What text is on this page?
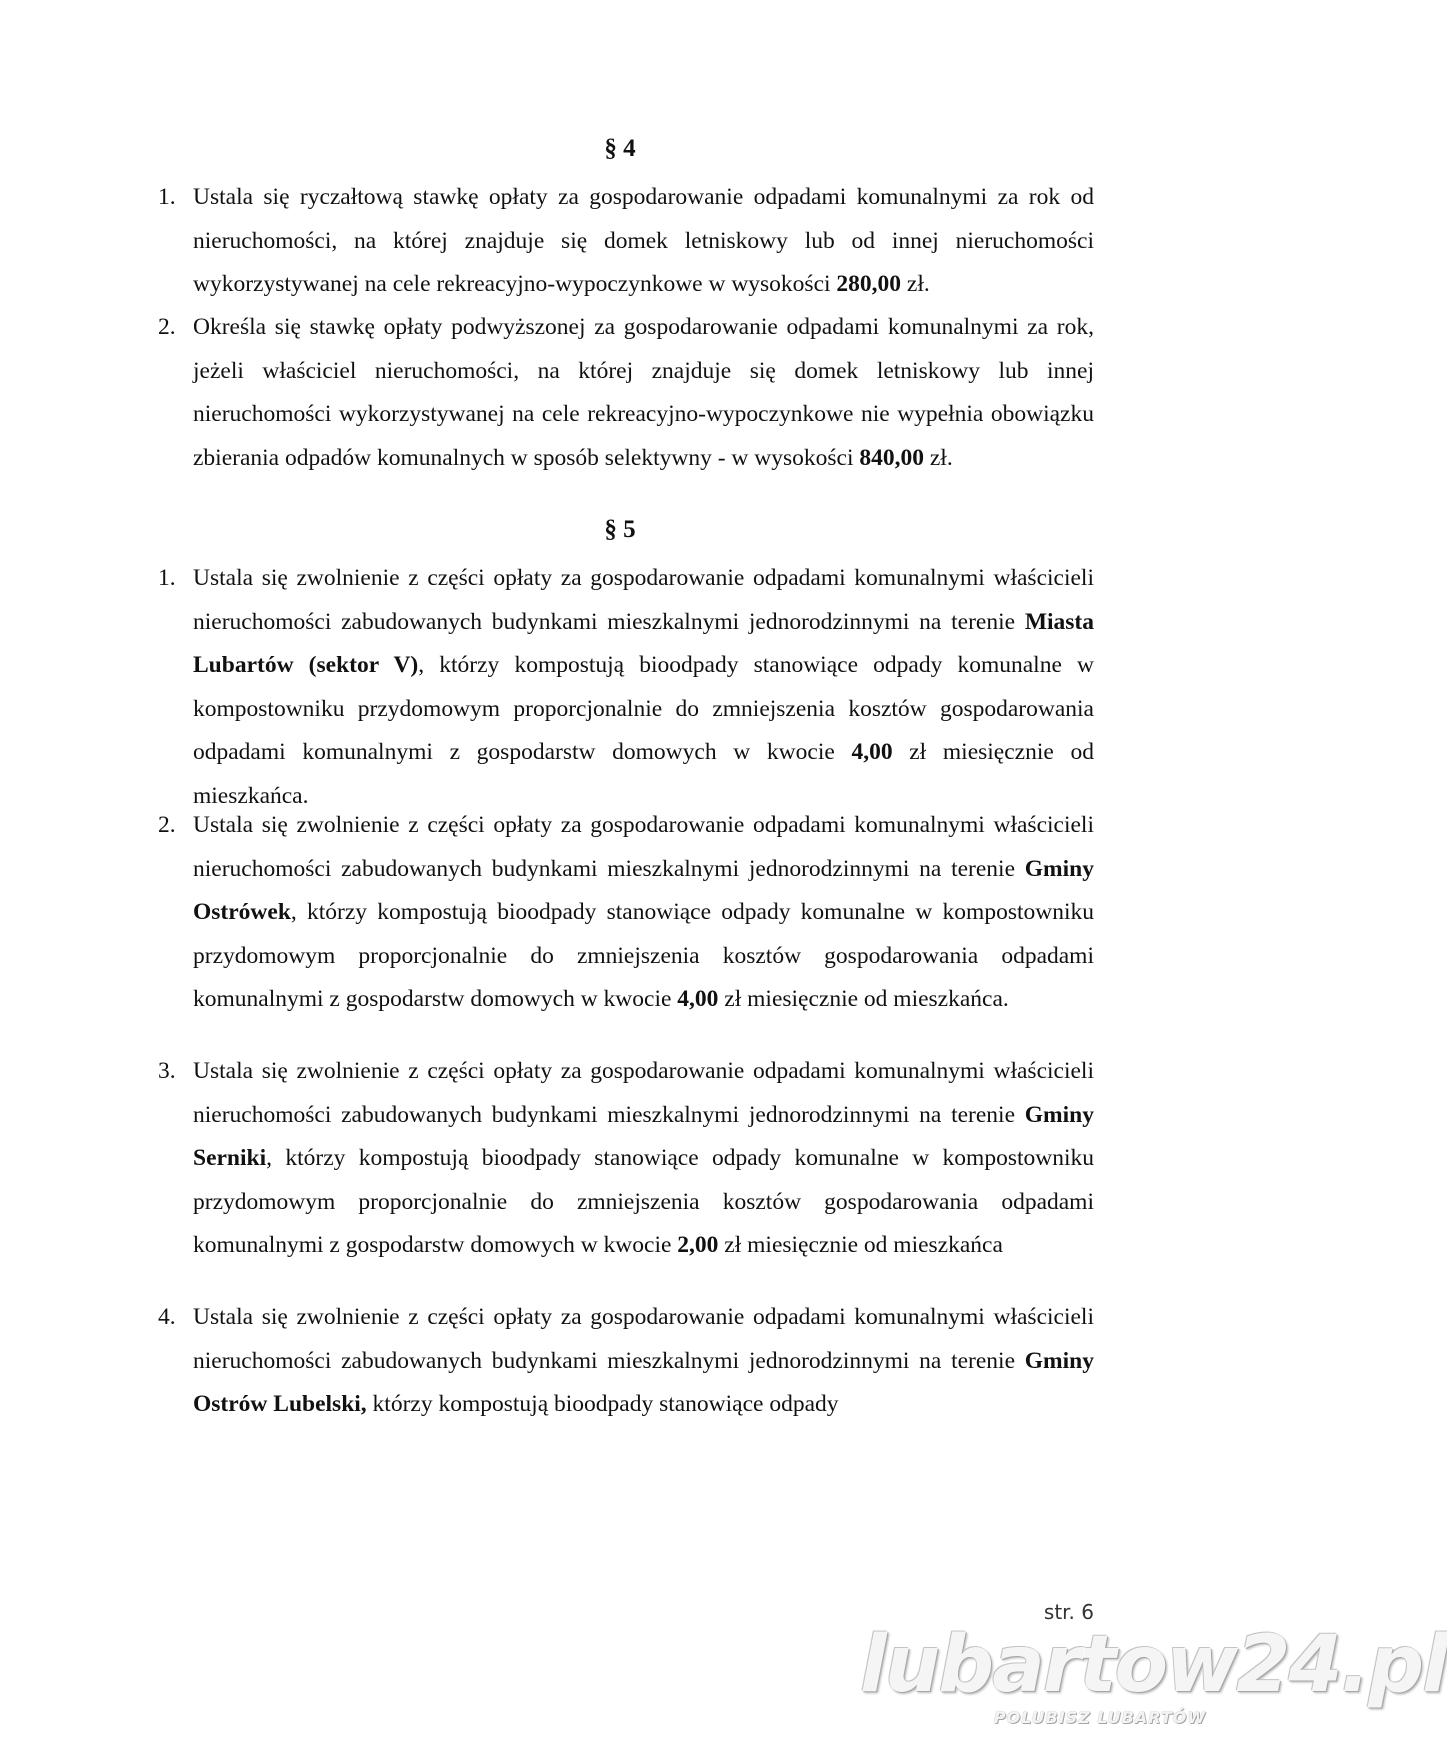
§ 4
1. Ustala się ryczałtową stawkę opłaty za gospodarowanie odpadami komunalnymi za rok od nieruchomości, na której znajduje się domek letniskowy lub od innej nieruchomości wykorzystywanej na cele rekreacyjno-wypoczynkowe w wysokości 280,00 zł.
2. Określa się stawkę opłaty podwyższonej za gospodarowanie odpadami komunalnymi za rok, jeżeli właściciel nieruchomości, na której znajduje się domek letniskowy lub innej nieruchomości wykorzystywanej na cele rekreacyjno-wypoczynkowe nie wypełnia obowiązku zbierania odpadów komunalnych w sposób selektywny - w wysokości 840,00 zł.
§ 5
1. Ustala się zwolnienie z części opłaty za gospodarowanie odpadami komunalnymi właścicieli nieruchomości zabudowanych budynkami mieszkalnymi jednorodzinnymi na terenie Miasta Lubartów (sektor V), którzy kompostują bioodpady stanowiące odpady komunalne w kompostowniku przydomowym proporcjonalnie do zmniejszenia kosztów gospodarowania odpadami komunalnymi z gospodarstw domowych w kwocie 4,00 zł miesięcznie od mieszkańca.
2. Ustala się zwolnienie z części opłaty za gospodarowanie odpadami komunalnymi właścicieli nieruchomości zabudowanych budynkami mieszkalnymi jednorodzinnymi na terenie Gminy Ostrówek, którzy kompostują bioodpady stanowiące odpady komunalne w kompostowniku przydomowym proporcjonalnie do zmniejszenia kosztów gospodarowania odpadami komunalnymi z gospodarstw domowych w kwocie 4,00 zł miesięcznie od mieszkańca.
3. Ustala się zwolnienie z części opłaty za gospodarowanie odpadami komunalnymi właścicieli nieruchomości zabudowanych budynkami mieszkalnymi jednorodzinnymi na terenie Gminy Serniki, którzy kompostują bioodpady stanowiące odpady komunalne w kompostowniku przydomowym proporcjonalnie do zmniejszenia kosztów gospodarowania odpadami komunalnymi z gospodarstw domowych w kwocie 2,00 zł miesięcznie od mieszkańca
4. Ustala się zwolnienie z części opłaty za gospodarowanie odpadami komunalnymi właścicieli nieruchomości zabudowanych budynkami mieszkalnymi jednorodzinnymi na terenie Gminy Ostrów Lubelski, którzy kompostują bioodpady stanowiące odpady
str. 6
lubartow24.pl
POLUBISZ LUBARTÓW
